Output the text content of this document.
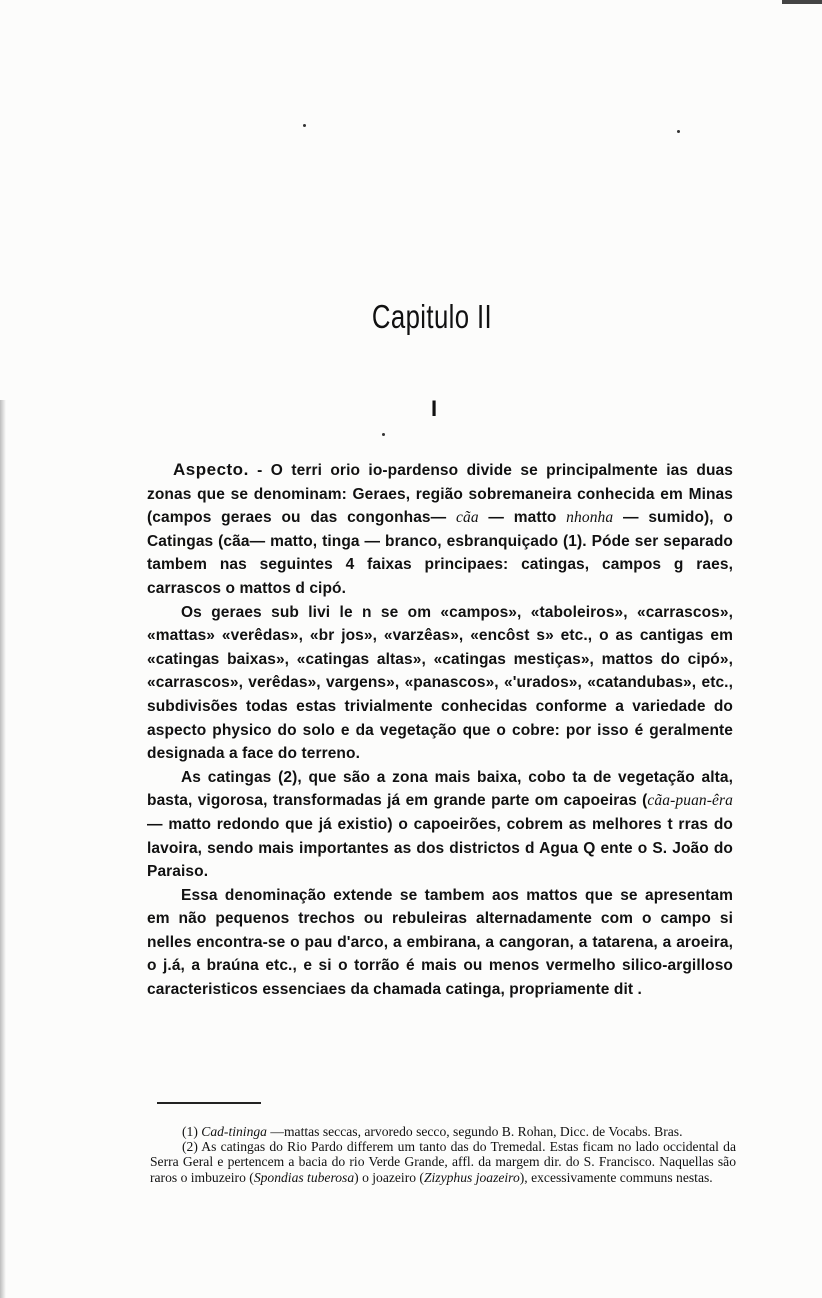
Capitulo II
I

Aspecto. - O terri orio io-pardenso divide se principalmente ias duas zonas que se denominam: Geraes, região sobremaneira conhecida em Minas (campos geraes ou das congonhas— cãa — matto nhonha — sumido), o Catingas (cãa— matto, tinga — branco, esbranquiçado (1). Póde ser separado tambem nas seguintes 4 faixas principaes: catingas, campos g raes, carrascos o mattos d cipó.

Os geraes sub livi le n se om «campos», «taboleiros», «carrascos», «mattas» «verêdas», «br jos», «varzêas», «encôst s» etc., o as cantigas em «catingas baixas», «catingas altas», «catingas mestiças», mattos do cipó», «carrascos», verêdas», vargens», «panascos», «'urados», «catandubas», etc., subdivisões todas estas trivialmente conhecidas conforme a variedade do aspecto physico do solo e da vegetação que o cobre: por isso é geralmente designada a face do terreno.

As catingas (2), que são a zona mais baixa, cobo ta de vegetação alta, basta, vigorosa, transformadas já em grande parte om capoeiras (cãa-puan-êra— matto redondo que já existio) o capoeirões, cobrem as melhores t rras do lavoira, sendo mais importantes as dos districtos d Agua Q ente o S. João do Paraiso.

Essa denominação extende se tambem aos mattos que se apresentam em não pequenos trechos ou rebuleiras alternadamente com o campo si nelles encontra-se o pau d'arco, a embirana, a cangoran, a tatarena, a aroeira, o j.á, a braúna etc., e si o torrão é mais ou menos vermelho silico-argilloso caracteristicos essenciaes da chamada catinga, propriamente dit .

(1) Cad-tininga —mattas seccas, arvoredo secco, segundo B. Rohan, Dicc. de Vocabs. Bras.

(2) As catingas do Rio Pardo differem um tanto das do Tremedal. Estas ficam no lado occidental da Serra Geral e pertencem a bacia do rio Verde Grande, affl. da margem dir. do S. Francisco. Naquellas são raros o imbuzeiro (Spondias tuberosa) o joazeiro (Zizyphus joazeiro), excessivamente communs nestas.
